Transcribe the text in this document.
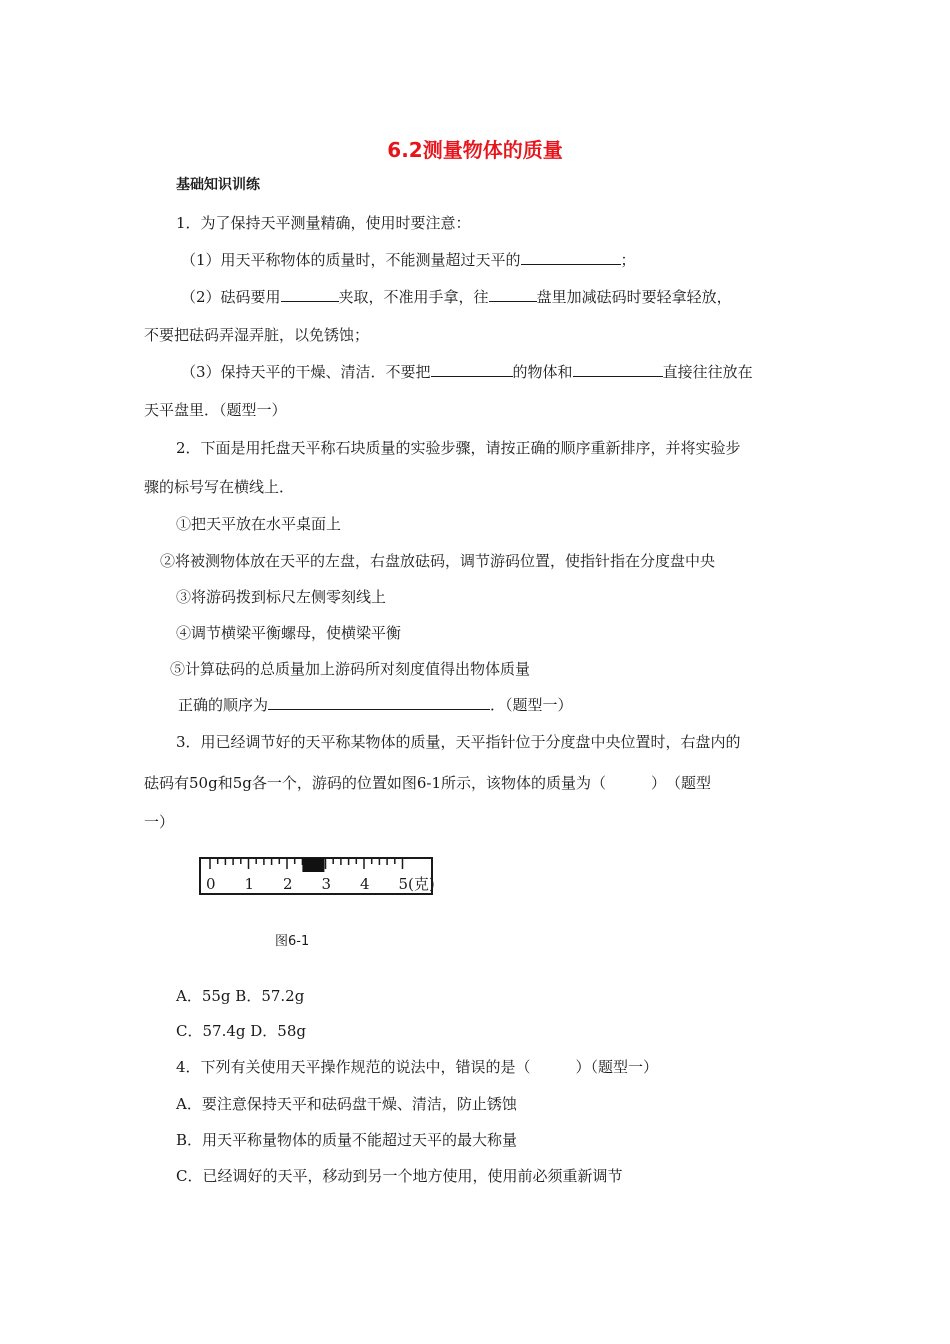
6.2测量物体的质量
基础知识训练
1．为了保持天平测量精确，使用时要注意：
（1）用天平称物体的质量时，不能测量超过天平的	；
（2）砝码要用	夹取，不准用手拿，往	盘里加减砝码时要轻拿轻放，
不要把砝码弄湿弄脏，以免锈蚀；
（3）保持天平的干燥、清洁．不要把	的物体和	直接往往放在
天平盘里．（题型一）
2．下面是用托盘天平称石块质量的实验步骤，请按正确的顺序重新排序，并将实验步
骤的标号写在横线上．
①把天平放在水平桌面上
②将被测物体放在天平的左盘，右盘放砝码，调节游码位置，使指针指在分度盘中央
③将游码拨到标尺左侧零刻线上
④调节横梁平衡螺母，使横梁平衡
⑤计算砝码的总质量加上游码所对刻度值得出物体质量
正确的顺序为	．（题型一）
3．用已经调节好的天平称某物体的质量，天平指针位于分度盘中央位置时，右盘内的
砝码有50g和5g各一个，游码的位置如图6-1所示，该物体的质量为（　　　）　（题型
一）
0 1 2 3 4 5(克)
图6-1
A．55g B．57.2g
C．57.4g D．58g
4．下列有关使用天平操作规范的说法中，错误的是（　　　）（题型一）
A．要注意保持天平和砝码盘干燥、清洁，防止锈蚀
B．用天平称量物体的质量不能超过天平的最大称量
C．已经调好的天平，移动到另一个地方使用，使用前必须重新调节
